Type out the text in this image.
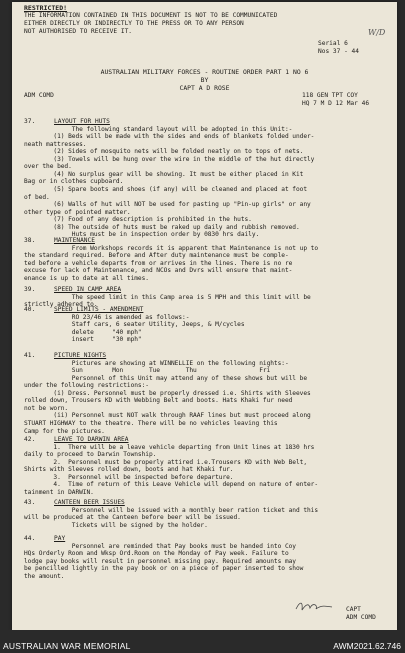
RESTRICTED!
THE INFORMATION CONTAINED IN THIS DOCUMENT IS NOT TO BE COMMUNICATED
EITHER DIRECTLY OR INDIRECTLY TO THE PRESS OR TO ANY PERSON
NOT AUTHORISED TO RECEIVE IT.
Serial 6
Nos 37 - 44
W/D
AUSTRALIAN MILITARY FORCES - ROUTINE ORDER PART 1 NO 6
BY
CAPT A D ROSE
ADM COMD	118 GEN TPT COY
HQ 7 M D 12 Mar 46
37.	LAYOUT FOR HUTS
The following standard layout will be adopted in this Unit:-
(1) Beds will be made with the sides and ends of blankets folded under-
neath mattresses.
(2) Sides of mosquito nets will be folded neatly on to tops of nets.
(3) Towels will be hung over the wire in the middle of the hut directly
over the bed.
(4) No surplus gear will be showing. It must be either placed in Kit
Bag or in clothes cupboard.
(5) Spare boots and shoes (if any) will be cleaned and placed at foot
of bed.
(6) Walls of hut will NOT be used for pasting up "Pin-up girls" or any
other type of pointed matter.
(7) Food of any description is prohibited in the huts.
(8) The outside of huts must be raked up daily and rubbish removed.
Huts must be in inspection order by 0830 hrs daily.
38.	MAINTENANCE
From Workshops records it is apparent that Maintenance is not up to
the standard required. Before and After duty maintenance must be comple-
ted before a vehicle departs from or arrives in the lines. There is no re
excuse for lack of Maintenance, and NCOs and Dvrs will ensure that maint-
enance is up to date at all times.
39.	SPEED IN CAMP AREA
The speed limit in this Camp area is 5 MPH and this limit will be
strictly adhered to.
40.	SPEED LIMITS - AMENDMENT
RO 23/46 is amended as follows:-
Staff cars, 6 seater Utility, Jeeps, & M/cycles
delete     "40 mph"
insert     "30 mph"
41.	PICTURE NIGHTS
Pictures are showing at WINNELLIE on the following nights:-
Sun        Mon       Tue       Thu                 Fri
Personnel of this Unit may attend any of these shows but will be
under the following restrictions:-
(i) Dress. Personnel must be properly dressed i.e. Shirts with Sleeves
rolled down, Trousers KD with Webbing Belt and boots. Hats Khaki fur need
not be worn.
(ii) Personnel must NOT walk through RAAF lines but must proceed along
STUART HIGHWAY to the theatre. There will be no vehicles leaving this
Camp for the pictures.
42.	LEAVE TO DARWIN AREA
1.  There will be a leave vehicle departing from Unit lines at 1830 hrs
daily to proceed to Darwin Township.
2.  Personnel must be properly attired i.e.Trousers KD with Web Belt,
Shirts with Sleeves rolled down, boots and hat Khaki fur.
3.  Personnel will be inspected before departure.
4.  Time of return of this Leave Vehicle will depend on nature of enter-
tainment in DARWIN.
43.	CANTEEN BEER ISSUES
Personnel will be issued with a monthly beer ration ticket and this
will be produced at the Canteen before beer will be issued.
Tickets will be signed by the holder.
44.	PAY
Personnel are reminded that Pay books must be handed into Coy
HQs Orderly Room and Wksp Ord.Room on the Monday of Pay week. Failure to
lodge pay books will result in personnel missing pay. Required amounts may
be pencilled lightly in the pay book or on a piece of paper inserted to show
the amount.
CAPT
ADM COMD
AUSTRALIAN WAR MEMORIAL	AWM2021.62.746
